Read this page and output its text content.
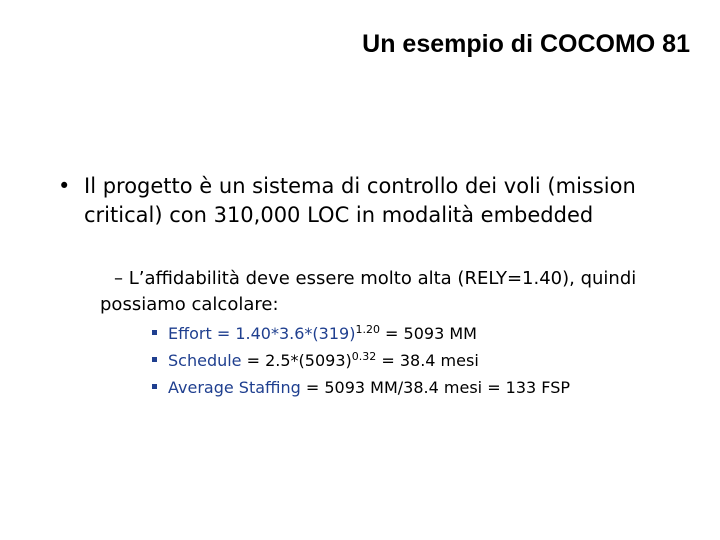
Un esempio di COCOMO 81
• Il progetto è un sistema di controllo dei voli (mission critical) con 310,000 LOC in modalità embedded
– L’affidabilità deve essere molto alta (RELY=1.40), quindi
possiamo calcolare:
Effort = $1.40*3.6*(319)^{1.20} = 5093$ MM
Schedule = $2.5*(5093)^{0.32} = 38.4$ mesi
Average Staffing = 5093 MM/38.4 mesi = 133 FSP
